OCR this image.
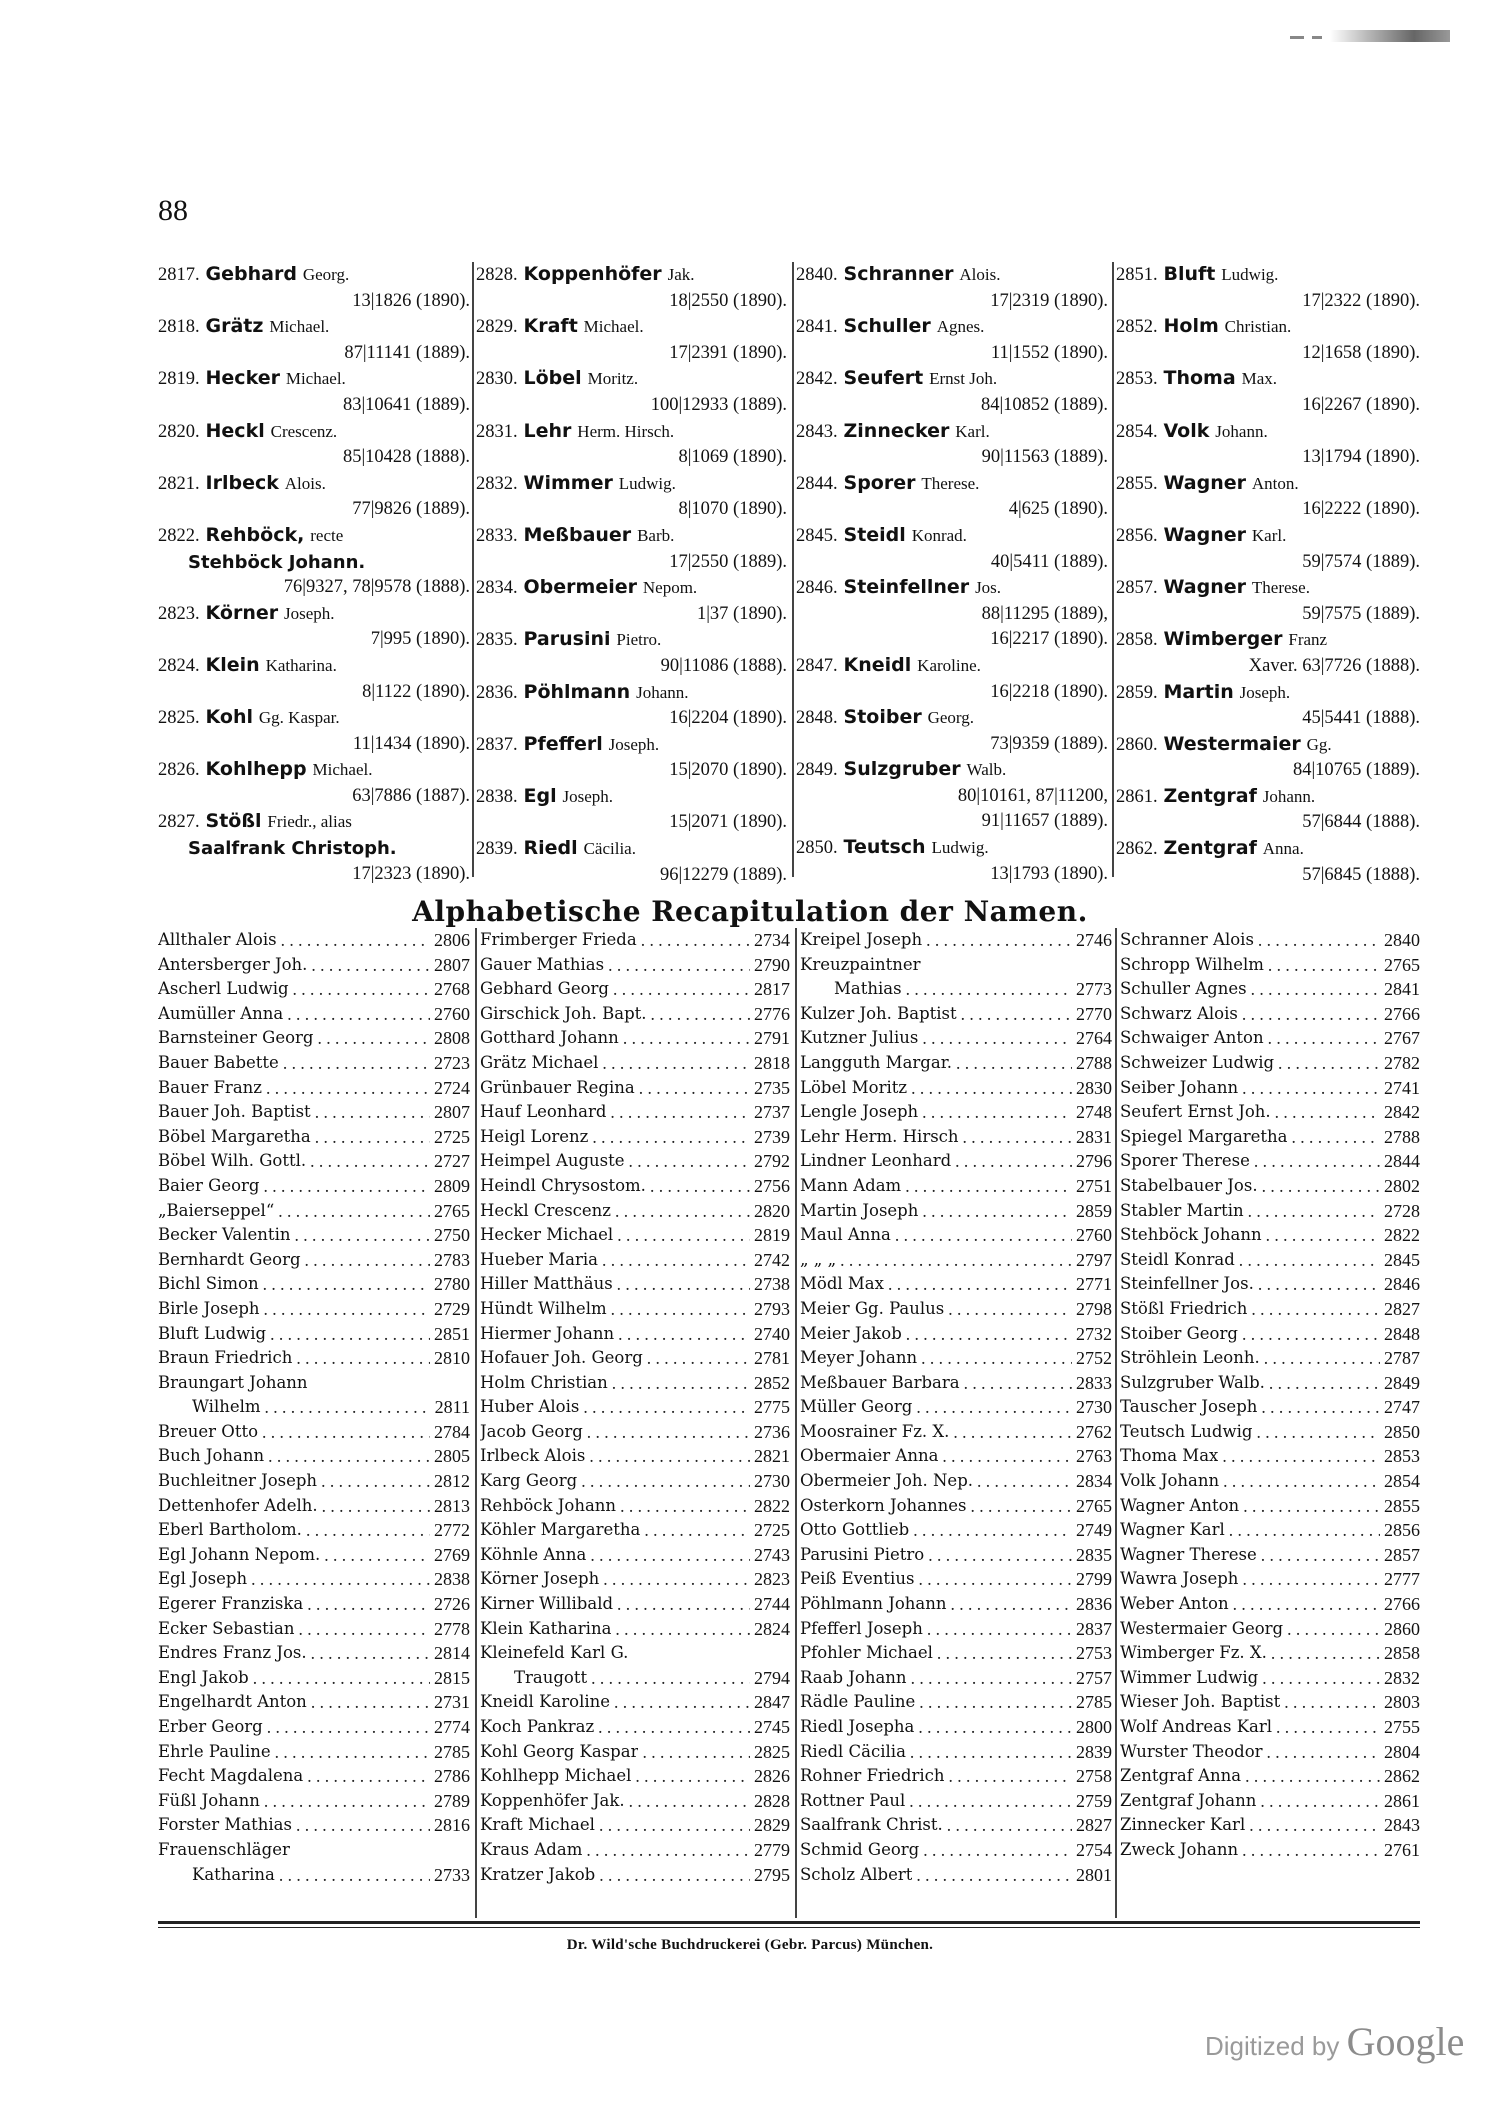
88
2817. Gebhard Georg.
13|1826 (1890).
2818. Grätz Michael.
87|11141 (1889).
2819. Hecker Michael.
83|10641 (1889).
2820. Heckl Crescenz.
85|10428 (1888).
2821. Irlbeck Alois.
77|9826 (1889).
2822. Rehböck, recte
Stehböck Johann.
76|9327, 78|9578 (1888).
2823. Körner Joseph.
7|995 (1890).
2824. Klein Katharina.
8|1122 (1890).
2825. Kohl Gg. Kaspar.
11|1434 (1890).
2826. Kohlhepp Michael.
63|7886 (1887).
2827. Stößl Friedr., alias
Saalfrank Christoph.
17|2323 (1890).
2828. Koppenhöfer Jak.
18|2550 (1890).
2829. Kraft Michael.
17|2391 (1890).
2830. Löbel Moritz.
100|12933 (1889).
2831. Lehr Herm. Hirsch.
8|1069 (1890).
2832. Wimmer Ludwig.
8|1070 (1890).
2833. Meßbauer Barb.
17|2550 (1889).
2834. Obermeier Nepom.
1|37 (1890).
2835. Parusini Pietro.
90|11086 (1888).
2836. Pöhlmann Johann.
16|2204 (1890).
2837. Pfefferl Joseph.
15|2070 (1890).
2838. Egl Joseph.
15|2071 (1890).
2839. Riedl Cäcilia.
96|12279 (1889).
2840. Schranner Alois.
17|2319 (1890).
2841. Schuller Agnes.
11|1552 (1890).
2842. Seufert Ernst Joh.
84|10852 (1889).
2843. Zinnecker Karl.
90|11563 (1889).
2844. Sporer Therese.
4|625 (1890).
2845. Steidl Konrad.
40|5411 (1889).
2846. Steinfellner Jos.
88|11295 (1889),
16|2217 (1890).
2847. Kneidl Karoline.
16|2218 (1890).
2848. Stoiber Georg.
73|9359 (1889).
2849. Sulzgruber Walb.
80|10161, 87|11200,
91|11657 (1889).
2850. Teutsch Ludwig.
13|1793 (1890).
2851. Bluft Ludwig.
17|2322 (1890).
2852. Holm Christian.
12|1658 (1890).
2853. Thoma Max.
16|2267 (1890).
2854. Volk Johann.
13|1794 (1890).
2855. Wagner Anton.
16|2222 (1890).
2856. Wagner Karl.
59|7574 (1889).
2857. Wagner Therese.
59|7575 (1889).
2858. Wimberger Franz
Xaver. 63|7726 (1888).
2859. Martin Joseph.
45|5441 (1888).
2860. Westermaier Gg.
84|10765 (1889).
2861. Zentgraf Johann.
57|6844 (1888).
2862. Zentgraf Anna.
57|6845 (1888).
Alphabetische Recapitulation der Namen.
Allthaler Alois . . .	2806
Antersberger Joh. . . .	2807
Ascherl Ludwig . . .	2768
Aumüller Anna . . .	2760
Barnsteiner Georg . . .	2808
Bauer Babette . . .	2723
Bauer Franz . . .	2724
Bauer Joh. Baptist . . .	2807
Böbel Margaretha . . .	2725
Böbel Wilh. Gottl. . . .	2727
Baier Georg . . .	2809
„Baierseppel“ . . .	2765
Becker Valentin . . .	2750
Bernhardt Georg . . .	2783
Bichl Simon . . .	2780
Birle Joseph . . .	2729
Bluft Ludwig . . .	2851
Braun Friedrich . . .	2810
Braungart Johann
Wilhelm . . .	2811
Breuer Otto . . .	2784
Buch Johann . . .	2805
Buchleitner Joseph . . .	2812
Dettenhofer Adelh. . . .	2813
Eberl Bartholom. . . .	2772
Egl Johann Nepom. . . .	2769
Egl Joseph . . .	2838
Egerer Franziska . . .	2726
Ecker Sebastian . . .	2778
Endres Franz Jos. . . .	2814
Engl Jakob . . .	2815
Engelhardt Anton . . .	2731
Erber Georg . . .	2774
Ehrle Pauline . . .	2785
Fecht Magdalena . . .	2786
Füßl Johann . . .	2789
Forster Mathias . . .	2816
Frauenschläger
Katharina . . .	2733
Frimberger Frieda . . .	2734
Gauer Mathias . . .	2790
Gebhard Georg . . .	2817
Girschick Joh. Bapt. . . .	2776
Gotthard Johann . . .	2791
Grätz Michael . . .	2818
Grünbauer Regina . . .	2735
Hauf Leonhard . . .	2737
Heigl Lorenz . . .	2739
Heimpel Auguste . . .	2792
Heindl Chrysostom. . . .	2756
Heckl Crescenz . . .	2820
Hecker Michael . . .	2819
Hueber Maria . . .	2742
Hiller Matthäus . . .	2738
Hündt Wilhelm . . .	2793
Hiermer Johann . . .	2740
Hofauer Joh. Georg . . .	2781
Holm Christian . . .	2852
Huber Alois . . .	2775
Jacob Georg . . .	2736
Irlbeck Alois . . .	2821
Karg Georg . . .	2730
Rehböck Johann . . .	2822
Köhler Margaretha . . .	2725
Köhnle Anna . . .	2743
Körner Joseph . . .	2823
Kirner Willibald . . .	2744
Klein Katharina . . .	2824
Kleinefeld Karl G.
Traugott . . .	2794
Kneidl Karoline . . .	2847
Koch Pankraz . . .	2745
Kohl Georg Kaspar . . .	2825
Kohlhepp Michael . . .	2826
Koppenhöfer Jak. . . .	2828
Kraft Michael . . .	2829
Kraus Adam . . .	2779
Kratzer Jakob . . .	2795
Kreipel Joseph . . .	2746
Kreuzpaintner
Mathias . . .	2773
Kulzer Joh. Baptist . . .	2770
Kutzner Julius . . .	2764
Langguth Margar. . . .	2788
Löbel Moritz . . .	2830
Lengle Joseph . . .	2748
Lehr Herm. Hirsch . . .	2831
Lindner Leonhard . . .	2796
Mann Adam . . .	2751
Martin Joseph . . .	2859
Maul Anna . . .	2760
„ „ „ . . .	2797
Mödl Max . . .	2771
Meier Gg. Paulus . . .	2798
Meier Jakob . . .	2732
Meyer Johann . . .	2752
Meßbauer Barbara . . .	2833
Müller Georg . . .	2730
Moosrainer Fz. X. . . .	2762
Obermaier Anna . . .	2763
Obermeier Joh. Nep. . . .	2834
Osterkorn Johannes . . .	2765
Otto Gottlieb . . .	2749
Parusini Pietro . . .	2835
Peiß Eventius . . .	2799
Pöhlmann Johann . . .	2836
Pfefferl Joseph . . .	2837
Pfohler Michael . . .	2753
Raab Johann . . .	2757
Rädle Pauline . . .	2785
Riedl Josepha . . .	2800
Riedl Cäcilia . . .	2839
Rohner Friedrich . . .	2758
Rottner Paul . . .	2759
Saalfrank Christ. . . .	2827
Schmid Georg . . .	2754
Scholz Albert . . .	2801
Schranner Alois . . .	2840
Schropp Wilhelm . . .	2765
Schuller Agnes . . .	2841
Schwarz Alois . . .	2766
Schwaiger Anton . . .	2767
Schweizer Ludwig . . .	2782
Seiber Johann . . .	2741
Seufert Ernst Joh. . . .	2842
Spiegel Margaretha . . .	2788
Sporer Therese . . .	2844
Stabelbauer Jos. . . .	2802
Stabler Martin . . .	2728
Stehböck Johann . . .	2822
Steidl Konrad . . .	2845
Steinfellner Jos. . . .	2846
Stößl Friedrich . . .	2827
Stoiber Georg . . .	2848
Ströhlein Leonh. . . .	2787
Sulzgruber Walb. . . .	2849
Tauscher Joseph . . .	2747
Teutsch Ludwig . . .	2850
Thoma Max . . .	2853
Volk Johann . . .	2854
Wagner Anton . . .	2855
Wagner Karl . . .	2856
Wagner Therese . . .	2857
Wawra Joseph . . .	2777
Weber Anton . . .	2766
Westermaier Georg . . .	2860
Wimberger Fz. X. . . .	2858
Wimmer Ludwig . . .	2832
Wieser Joh. Baptist . . .	2803
Wolf Andreas Karl . . .	2755
Wurster Theodor . . .	2804
Zentgraf Anna . . .	2862
Zentgraf Johann . . .	2861
Zinnecker Karl . . .	2843
Zweck Johann . . .	2761
Dr. Wild'sche Buchdruckerei (Gebr. Parcus) München.
Digitized by Google
